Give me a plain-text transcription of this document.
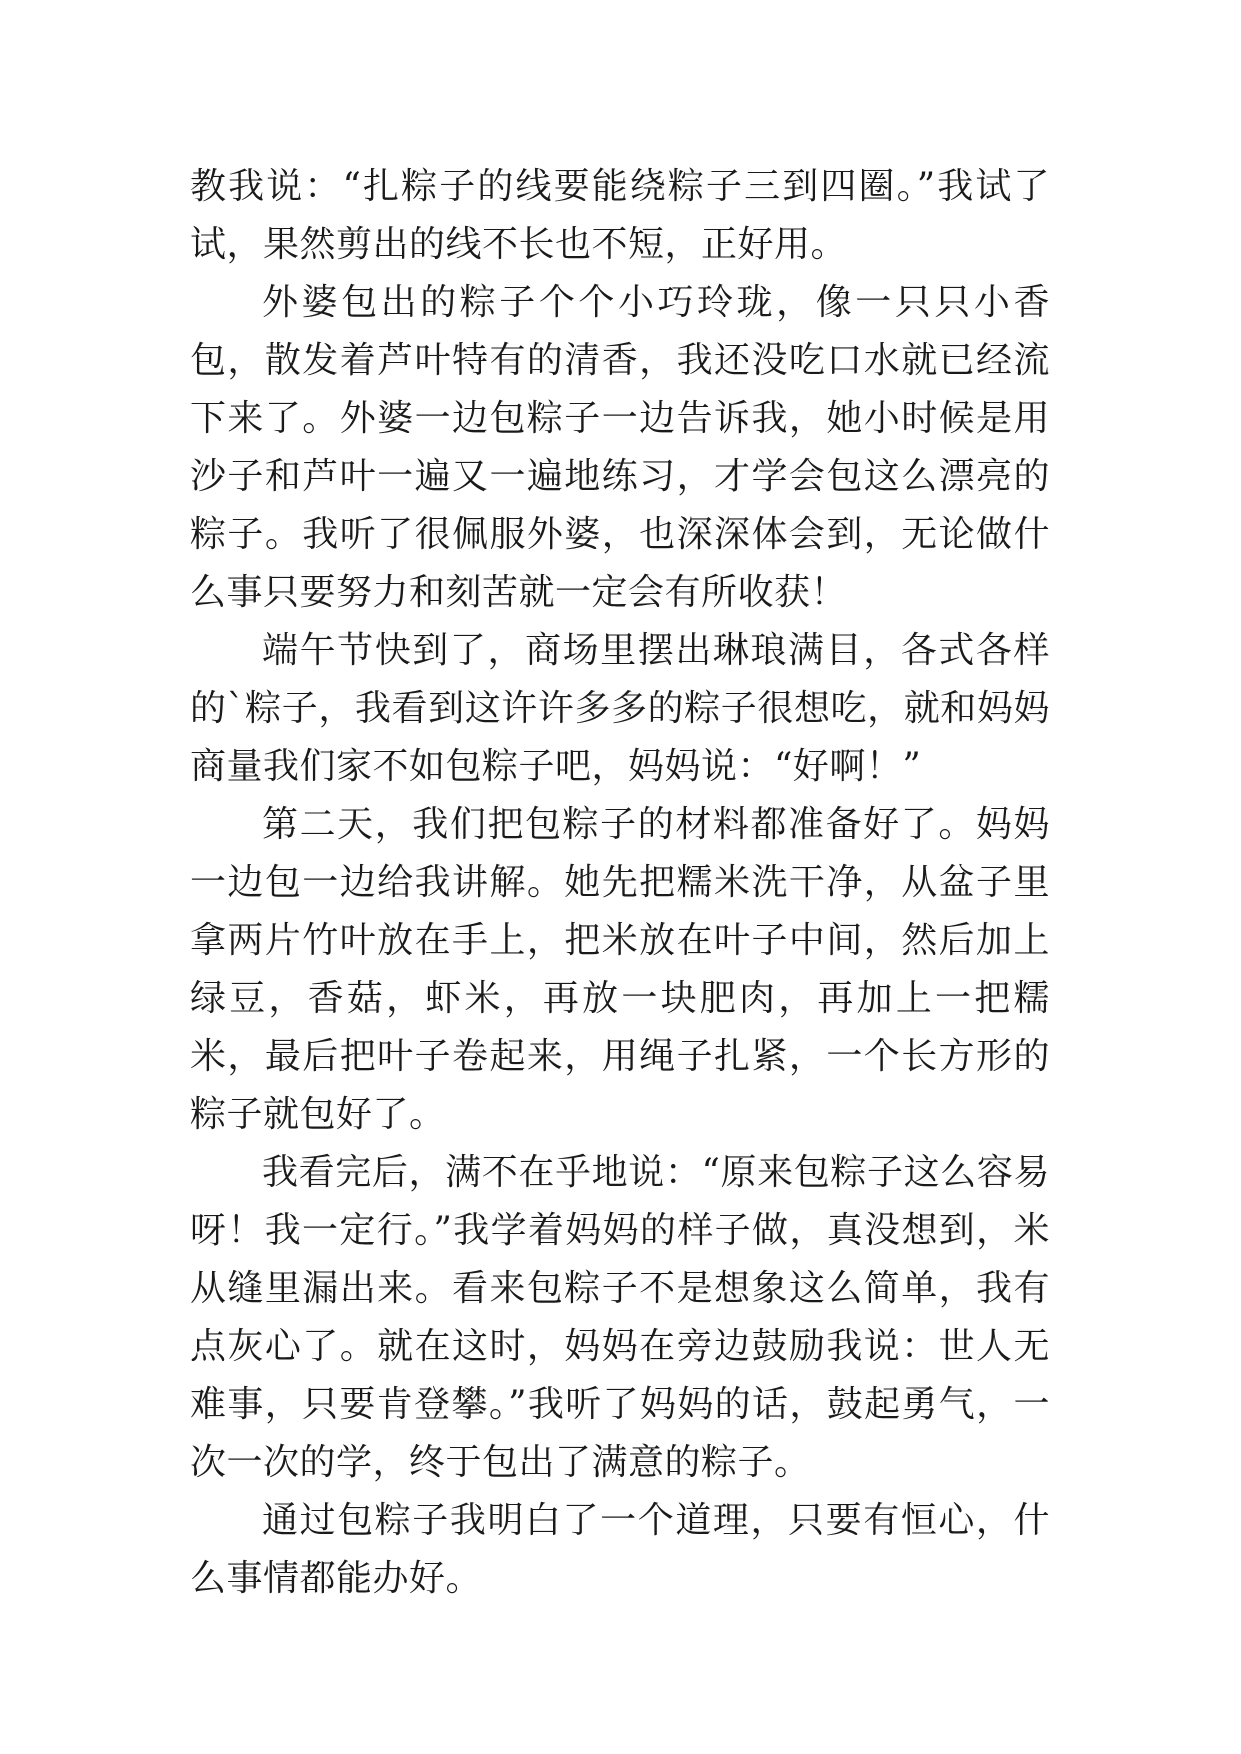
教我说：“扎粽子的线要能绕粽子三到四圈。”我试了试，果然剪出的线不长也不短，正好用。

外婆包出的粽子个个小巧玲珑，像一只只小香包，散发着芦叶特有的清香，我还没吃口水就已经流下来了。外婆一边包粽子一边告诉我，她小时候是用沙子和芦叶一遍又一遍地练习，才学会包这么漂亮的粽子。我听了很佩服外婆，也深深体会到，无论做什么事只要努力和刻苦就一定会有所收获！

端午节快到了，商场里摆出琳琅满目，各式各样的`粽子，我看到这许许多多的粽子很想吃，就和妈妈商量我们家不如包粽子吧，妈妈说：“好啊！”

第二天，我们把包粽子的材料都准备好了。妈妈一边包一边给我讲解。她先把糯米洗干净，从盆子里拿两片竹叶放在手上，把米放在叶子中间，然后加上绿豆，香菇，虾米，再放一块肥肉，再加上一把糯米，最后把叶子卷起来，用绳子扎紧，一个长方形的粽子就包好了。

我看完后，满不在乎地说：“原来包粽子这么容易呀！我一定行。”我学着妈妈的样子做，真没想到，米从缝里漏出来。看来包粽子不是想象这么简单，我有点灰心了。就在这时，妈妈在旁边鼓励我说：世人无难事，只要肯登攀。”我听了妈妈的话，鼓起勇气，一次一次的学，终于包出了满意的粽子。

通过包粽子我明白了一个道理，只要有恒心，什么事情都能办好。
